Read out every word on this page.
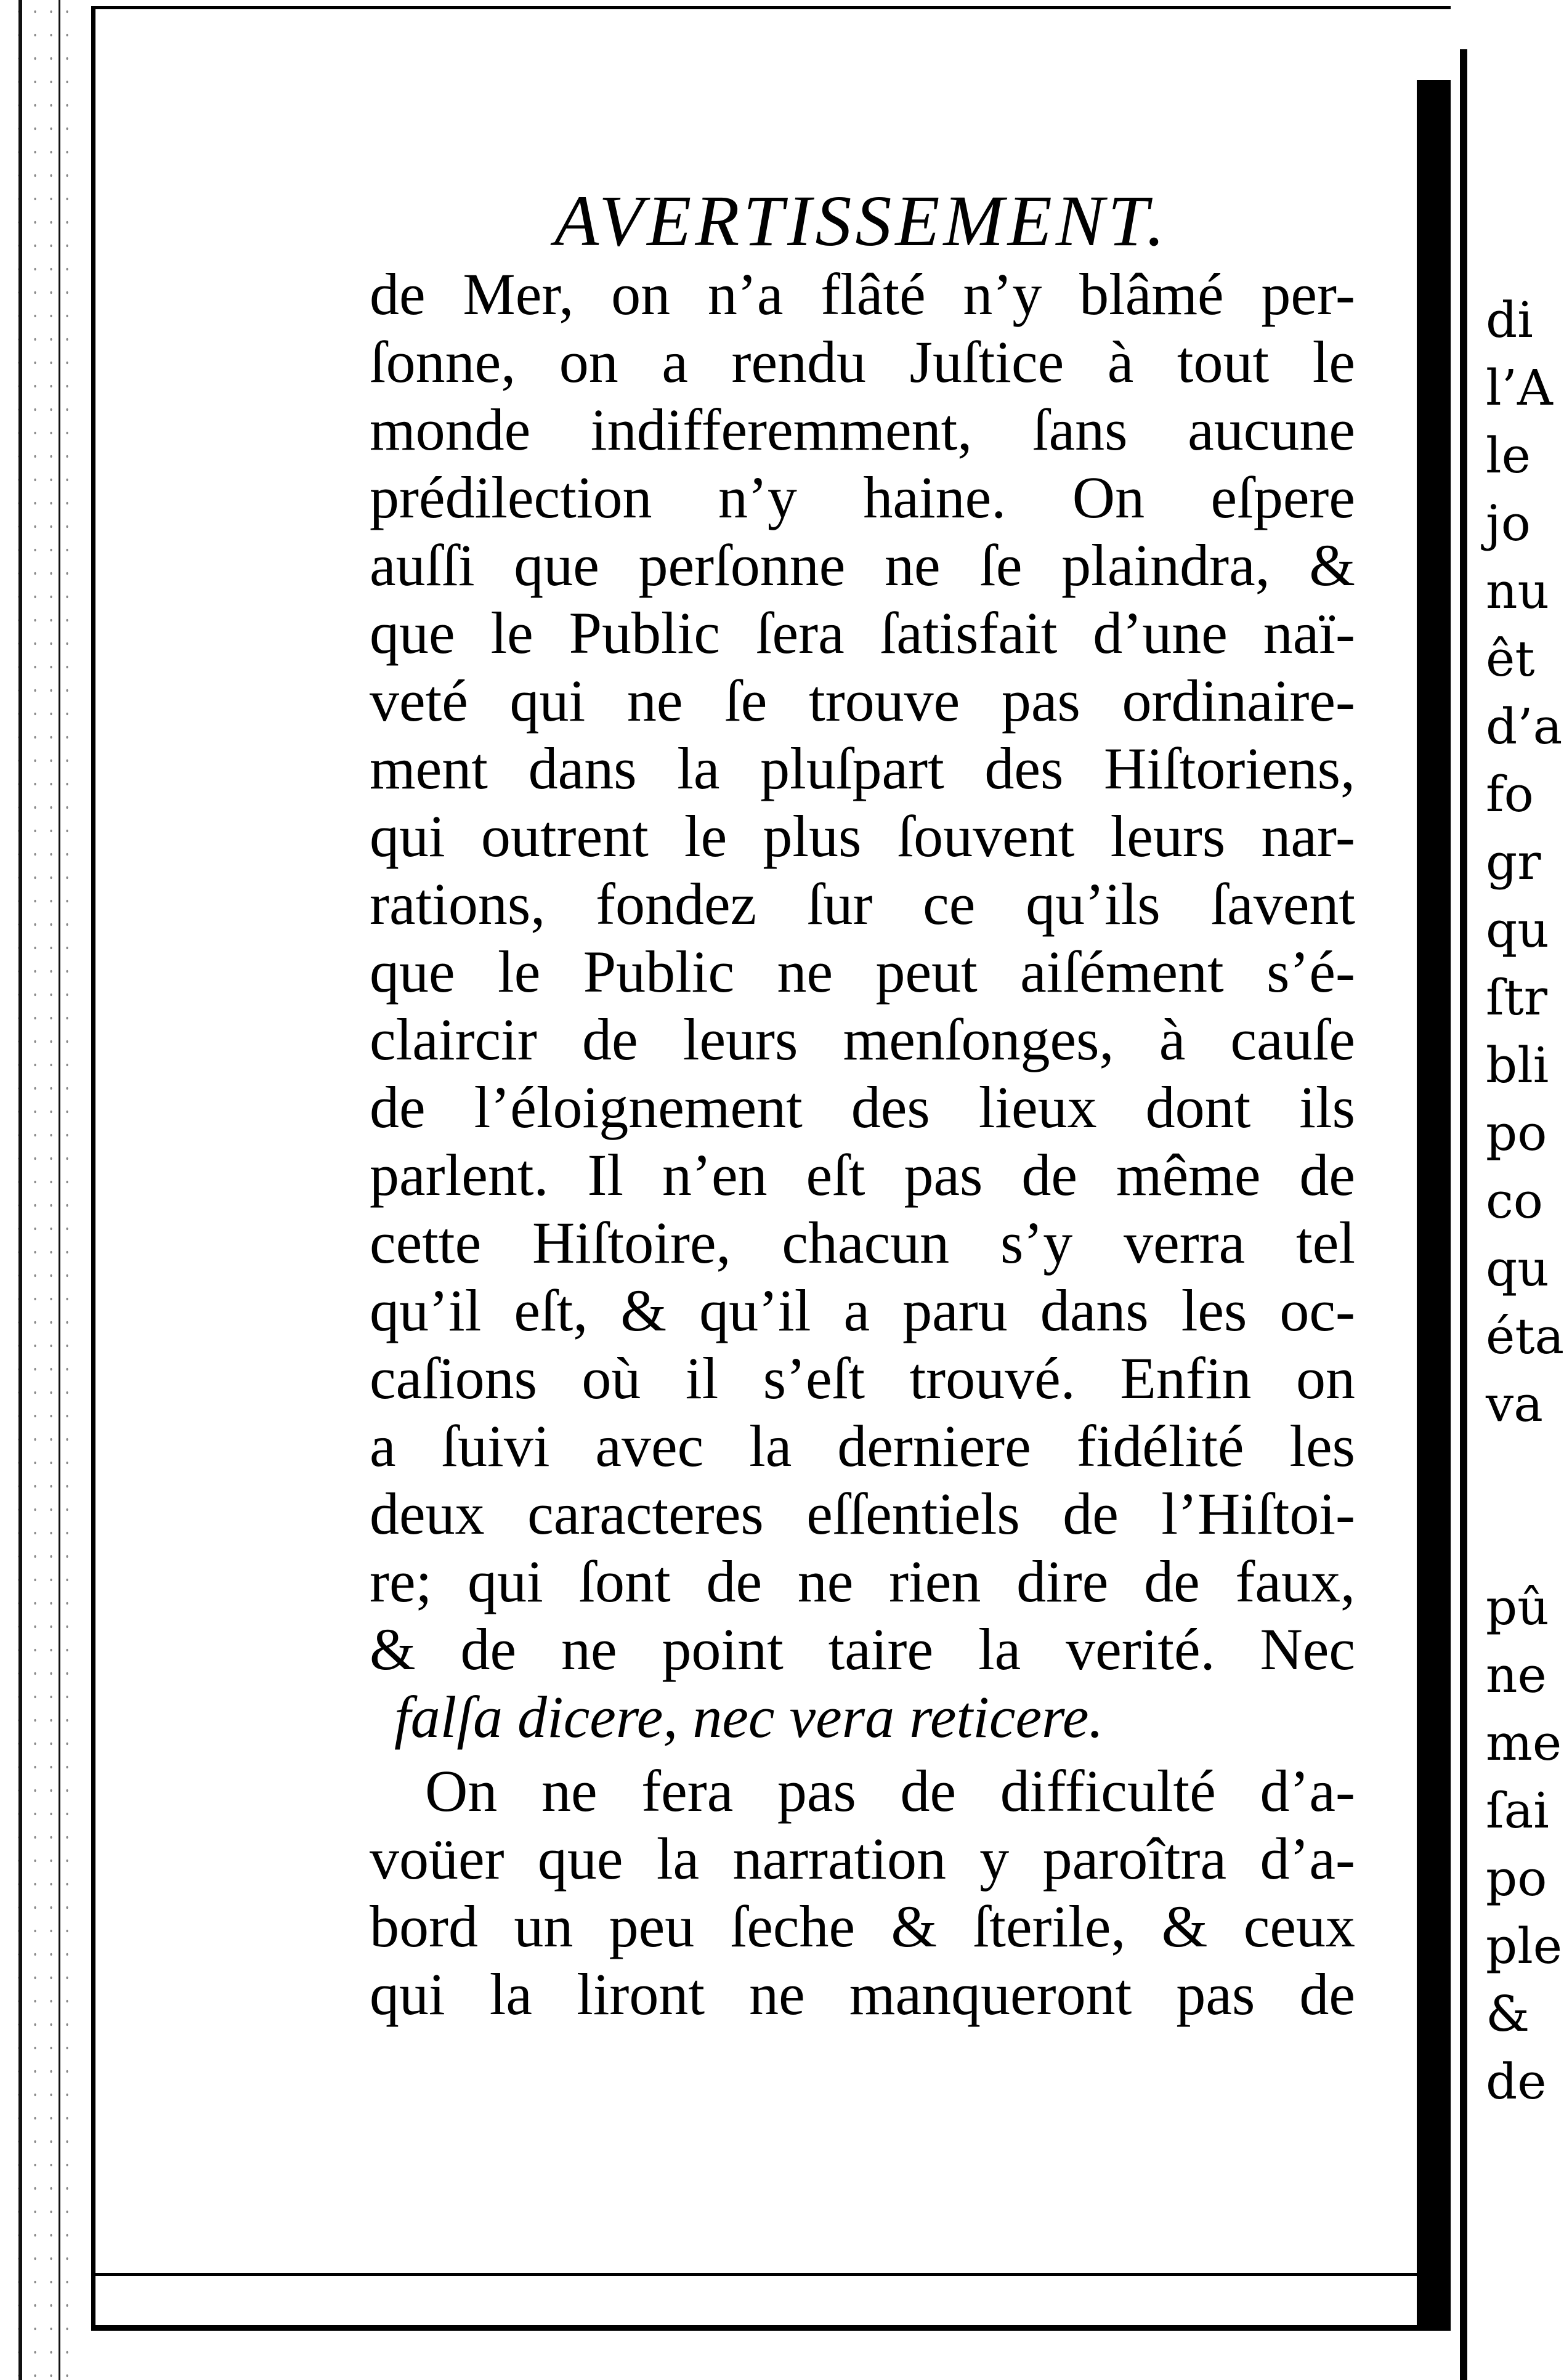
AVERTISSEMENT.
de Mer, on n’a flâté n’y blâmé per-
ſonne, on a rendu Juſtice à tout le
monde indifferemment, ſans aucune
prédilection n’y haine. On eſpere
auſſi que perſonne ne ſe plaindra, &
que le Public ſera ſatisfait d’une naï-
veté qui ne ſe trouve pas ordinaire-
ment dans la pluſpart des Hiſtoriens,
qui outrent le plus ſouvent leurs nar-
rations, fondez ſur ce qu’ils ſavent
que le Public ne peut aiſément s’é-
claircir de leurs menſonges, à cauſe
de l’éloignement des lieux dont ils
parlent. Il n’en eſt pas de même de
cette Hiſtoire, chacun s’y verra tel
qu’il eſt, & qu’il a paru dans les oc-
caſions où il s’eſt trouvé. Enfin on
a ſuivi avec la derniere fidélité les
deux caracteres eſſentiels de l’Hiſtoi-
re; qui ſont de ne rien dire de faux,
& de ne point taire la verité. Nec
falſa dicere, nec vera reticere.
On ne fera pas de difficulté d’a-
voüer que la narration y paroîtra d’a-
bord un peu ſeche & ſterile, & ceux
qui la liront ne manqueront pas de
di
l’A
le
jo
nu
êt
d’a
fo
gr
qu
ſtr
bli
po
co
qu
éta
va
pû
ne
me
ſai
po
ple
&
de
